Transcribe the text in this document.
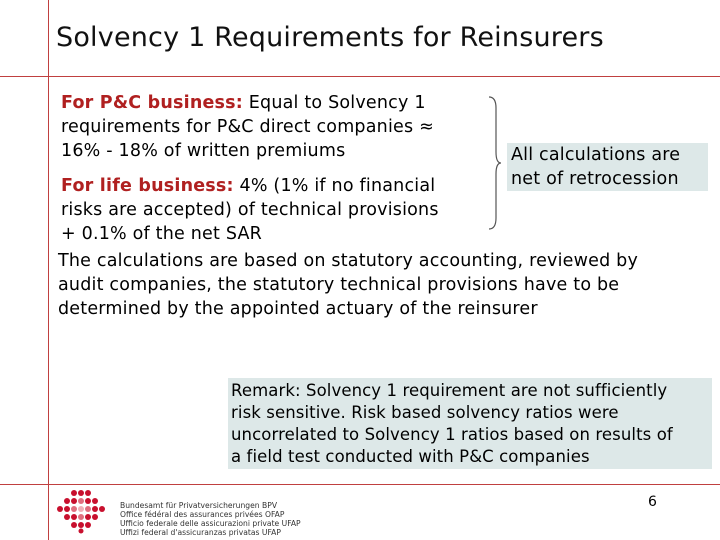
Solvency 1 Requirements for Reinsurers
For P&C business: Equal to Solvency 1
requirements for P&C direct companies ≈
16% - 18% of written premiums
For life business: 4% (1% if no financial
risks are accepted) of technical provisions
+ 0.1% of the net SAR
All calculations are
net of retrocession
The calculations are based on statutory accounting, reviewed by
audit companies, the statutory technical provisions have to be
determined by the appointed actuary of the reinsurer
Remark: Solvency 1 requirement are not sufficiently
risk sensitive. Risk based solvency ratios were
uncorrelated to Solvency 1 ratios based on results of
a field test conducted with P&C companies
Bundesamt für Privatversicherungen BPV
Office fédéral des assurances privées OFAP
Ufficio federale delle assicurazioni private UFAP
Uffizi federal d'assicuranzas privatas UFAP
6
